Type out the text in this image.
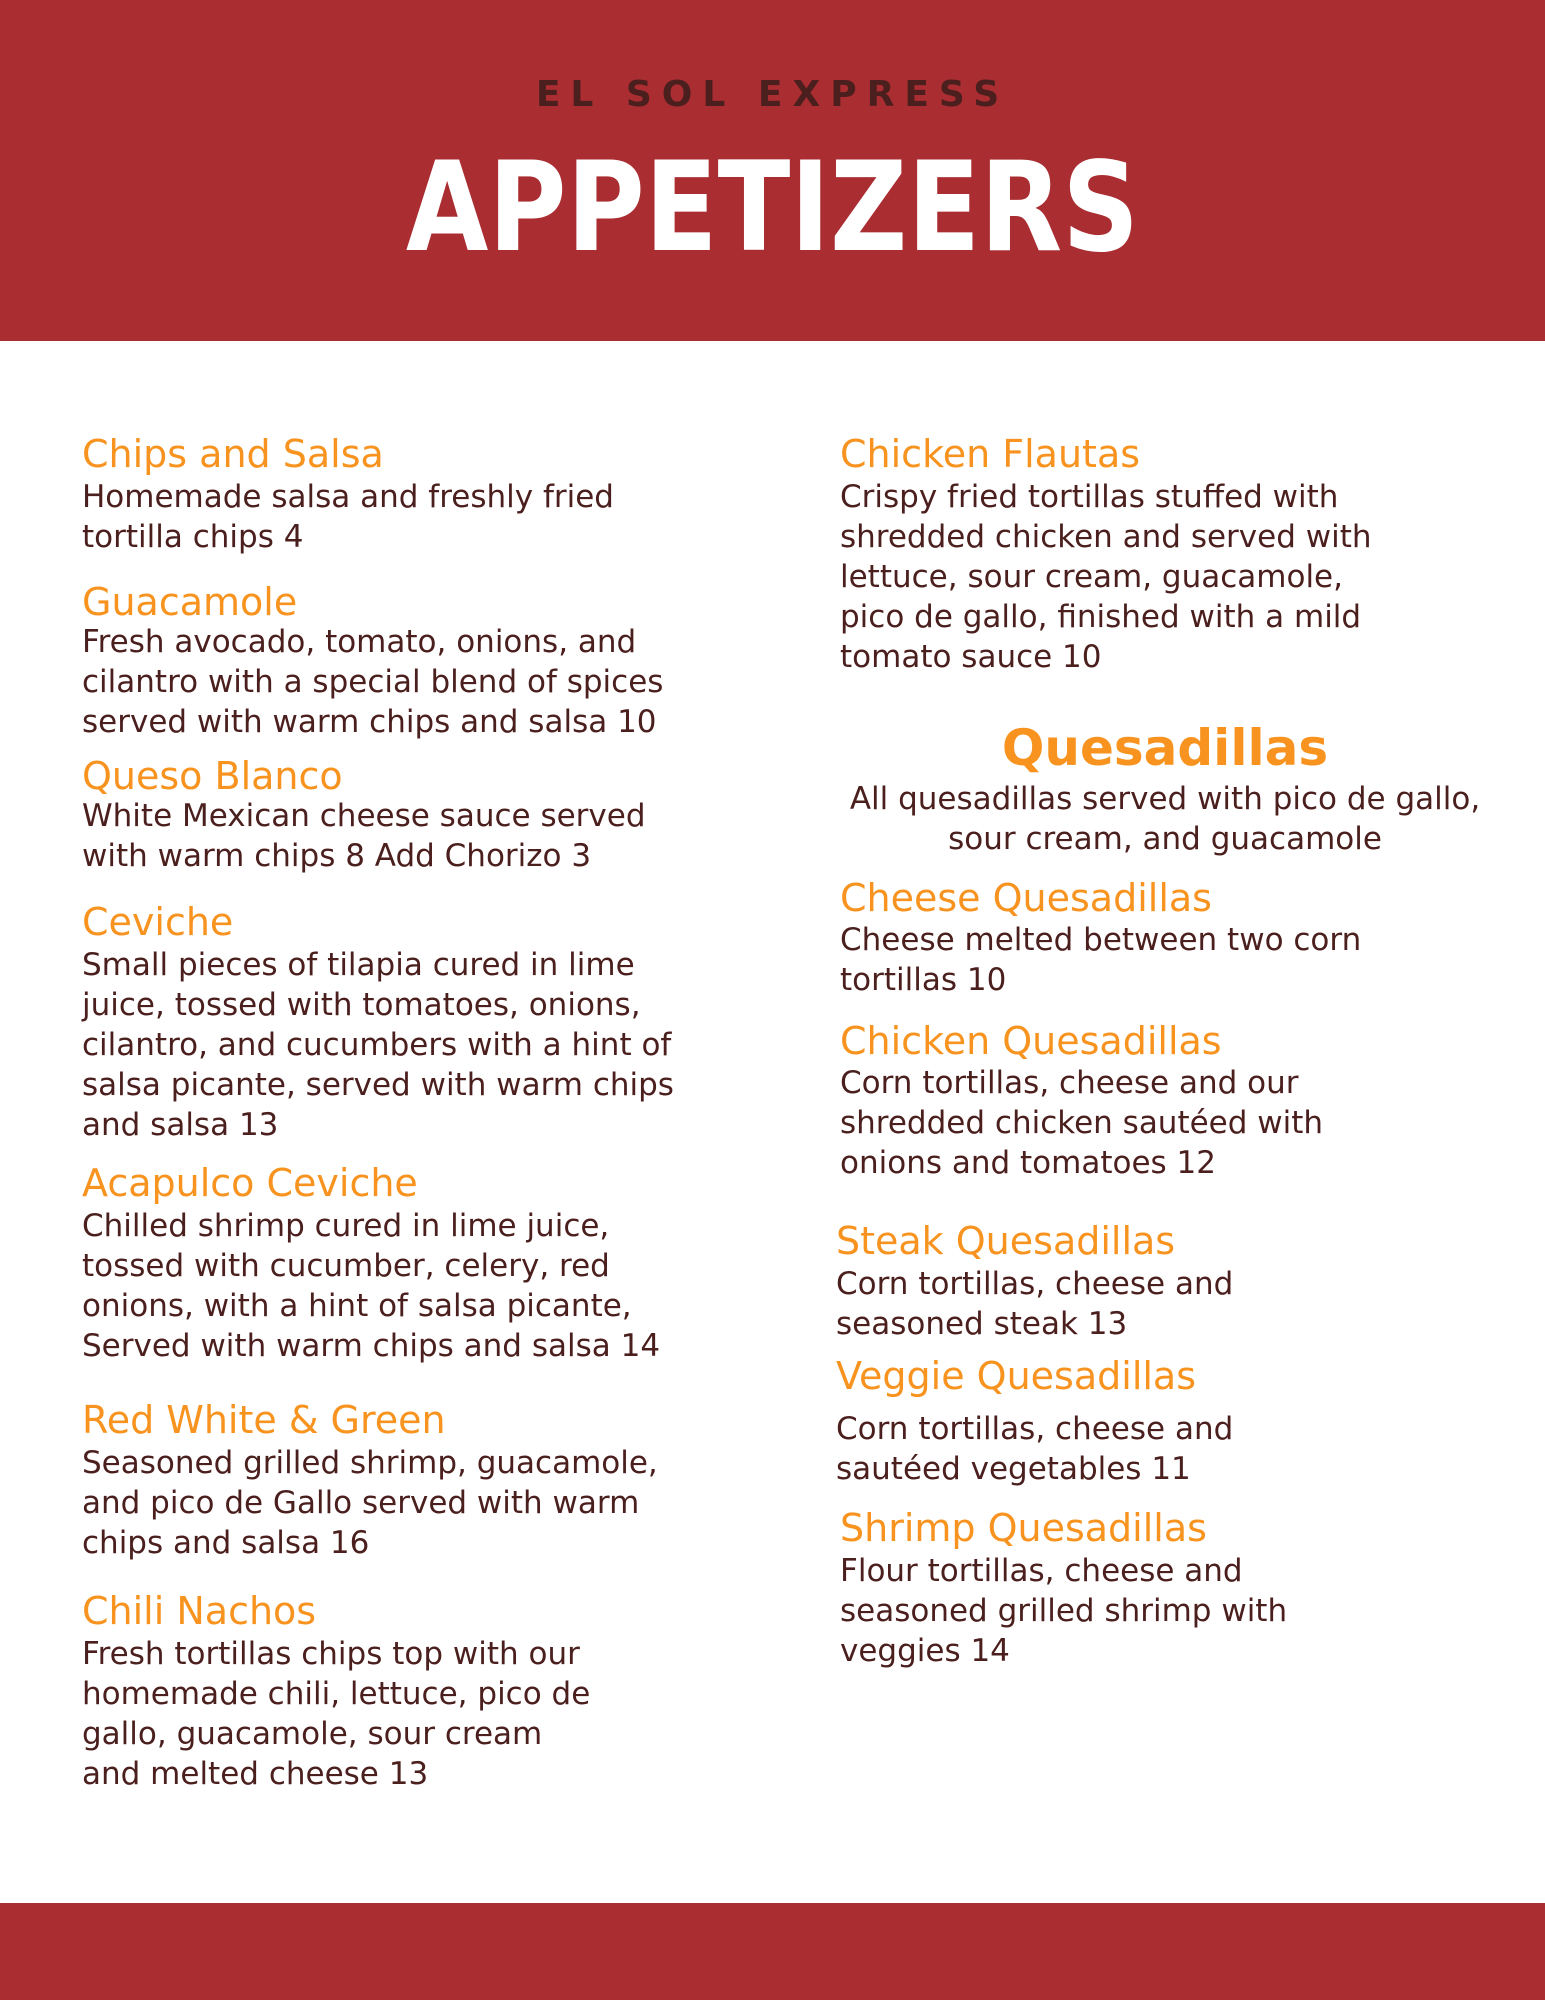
EL SOL EXPRESS
APPETIZERS
Chips and Salsa
Homemade salsa and freshly fried
tortilla chips 4
Guacamole
Fresh avocado, tomato, onions, and
cilantro with a special blend of spices
served with warm chips and salsa 10
Queso Blanco
White Mexican cheese sauce served
with warm chips 8 Add Chorizo 3
Ceviche
Small pieces of tilapia cured in lime
juice, tossed with tomatoes, onions,
cilantro, and cucumbers with a hint of
salsa picante, served with warm chips
and salsa 13
Acapulco Ceviche
Chilled shrimp cured in lime juice,
tossed with cucumber, celery, red
onions, with a hint of salsa picante,
Served with warm chips and salsa 14
Red White & Green
Seasoned grilled shrimp, guacamole,
and pico de Gallo served with warm
chips and salsa 16
Chili Nachos
Fresh tortillas chips top with our
homemade chili, lettuce, pico de
gallo, guacamole, sour cream
and melted cheese 13
Chicken Flautas
Crispy fried tortillas stuffed with
shredded chicken and served with
lettuce, sour cream, guacamole,
pico de gallo, finished with a mild
tomato sauce 10
Quesadillas
All quesadillas served with pico de gallo,
sour cream, and guacamole
Cheese Quesadillas
Cheese melted between two corn
tortillas 10
Chicken Quesadillas
Corn tortillas, cheese and our
shredded chicken sautéed with
onions and tomatoes 12
Steak Quesadillas
Corn tortillas, cheese and
seasoned steak 13
Veggie Quesadillas
Corn tortillas, cheese and
sautéed vegetables 11
Shrimp Quesadillas
Flour tortillas, cheese and
seasoned grilled shrimp with
veggies 14
